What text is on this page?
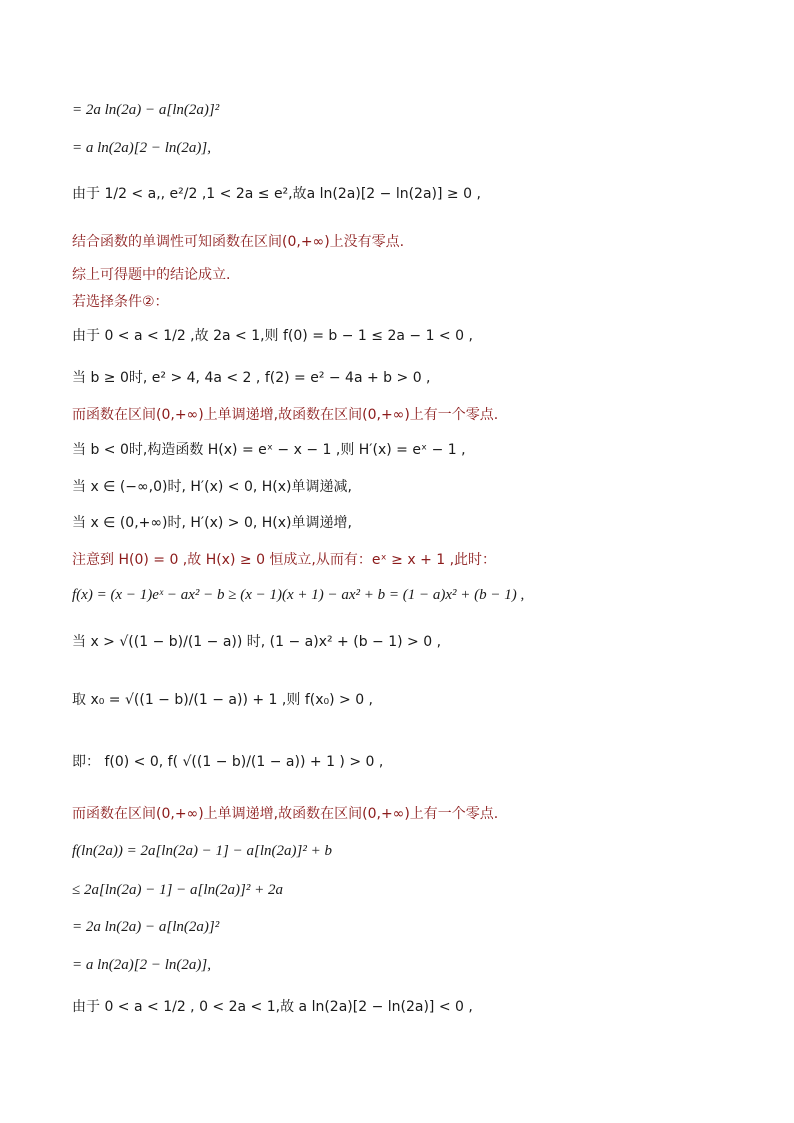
= 2a ln(2a) − a[ln(2a)]²
= a ln(2a)[2 − ln(2a)],
由于 1/2 < a,, e²/2 ,1 < 2a ≤ e²,故a ln(2a)[2 − ln(2a)] ≥ 0 ,
结合函数的单调性可知函数在区间(0,+∞)上没有零点.
综上可得题中的结论成立.
若选择条件②：
由于 0 < a < 1/2 ,故 2a < 1,则 f(0) = b − 1 ≤ 2a − 1 < 0 ,
当 b ≥ 0时, e² > 4, 4a < 2 , f(2) = e² − 4a + b > 0 ,
而函数在区间(0,+∞)上单调递增,故函数在区间(0,+∞)上有一个零点.
当 b < 0时,构造函数 H(x) = eˣ − x − 1 ,则 H′(x) = eˣ − 1 ,
当 x ∈ (−∞,0)时, H′(x) < 0, H(x)单调递减,
当 x ∈ (0,+∞)时, H′(x) > 0, H(x)单调递增,
注意到 H(0) = 0 ,故 H(x) ≥ 0 恒成立,从而有：eˣ ≥ x + 1 ,此时：
f(x) = (x − 1)eˣ − ax² − b ≥ (x − 1)(x + 1) − ax² + b = (1 − a)x² + (b − 1) ,
当 x > √((1 − b)/(1 − a)) 时, (1 − a)x² + (b − 1) > 0 ,
取 x₀ = √((1 − b)/(1 − a)) + 1 ,则 f(x₀) > 0 ,
即： f(0) < 0, f( √((1 − b)/(1 − a)) + 1 ) > 0 ,
而函数在区间(0,+∞)上单调递增,故函数在区间(0,+∞)上有一个零点.
f(ln(2a)) = 2a[ln(2a) − 1] − a[ln(2a)]² + b
≤ 2a[ln(2a) − 1] − a[ln(2a)]² + 2a
= 2a ln(2a) − a[ln(2a)]²
= a ln(2a)[2 − ln(2a)],
由于 0 < a < 1/2 , 0 < 2a < 1,故 a ln(2a)[2 − ln(2a)] < 0 ,
